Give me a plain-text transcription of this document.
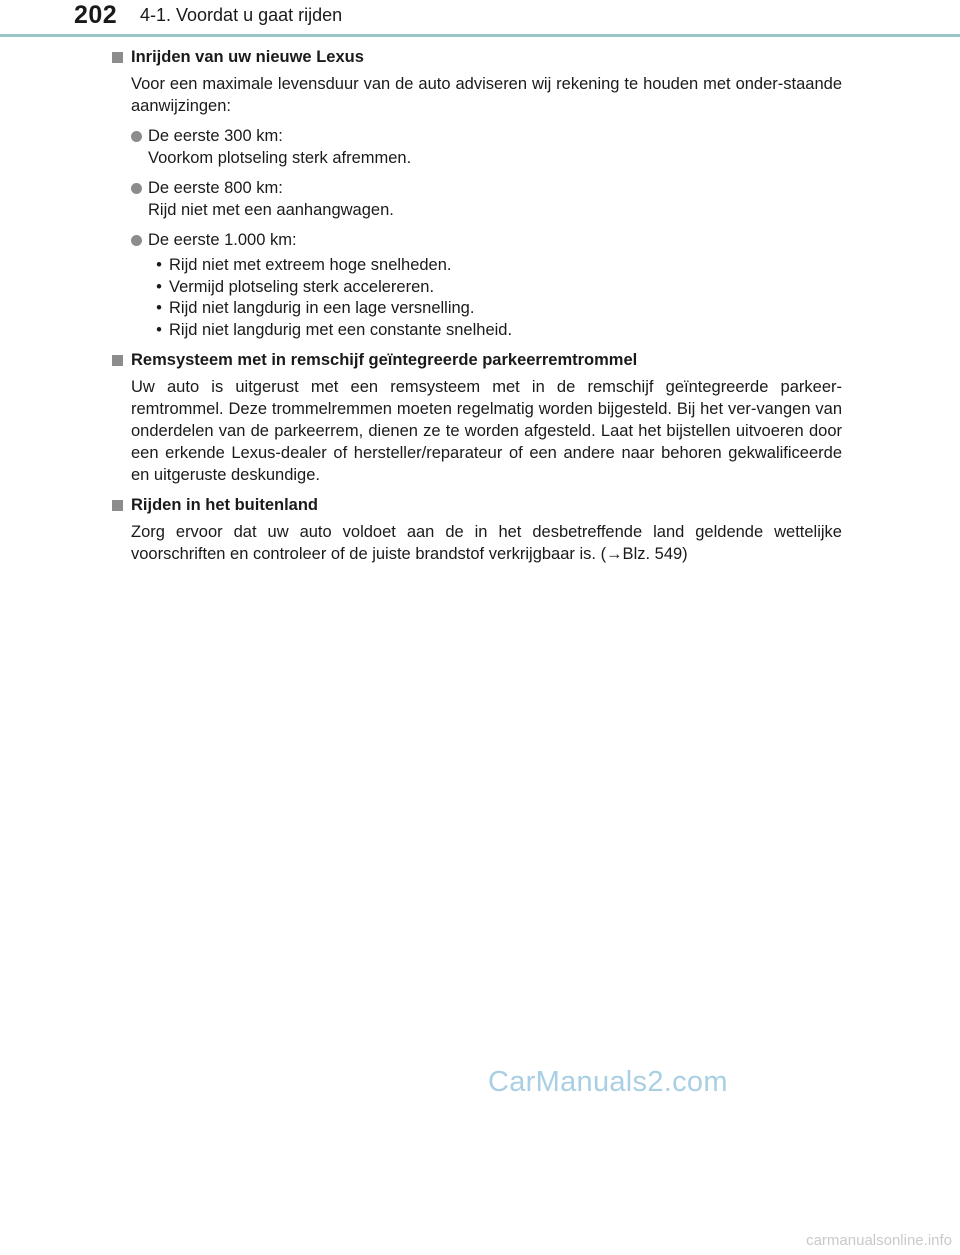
202 4-1. Voordat u gaat rijden
Inrijden van uw nieuwe Lexus

Voor een maximale levensduur van de auto adviseren wij rekening te houden met onder-staande aanwijzingen:

De eerste 300 km:
Voorkom plotseling sterk afremmen.
De eerste 800 km:
Rijd niet met een aanhangwagen.
De eerste 1.000 km:
• Rijd niet met extreem hoge snelheden.
• Vermijd plotseling sterk accelereren.
• Rijd niet langdurig in een lage versnelling.
• Rijd niet langdurig met een constante snelheid.
Remsysteem met in remschijf geïntegreerde parkeerremtrommel

Uw auto is uitgerust met een remsysteem met in de remschijf geïntegreerde parkeer-remtrommel. Deze trommelremmen moeten regelmatig worden bijgesteld. Bij het ver-vangen van onderdelen van de parkeerrem, dienen ze te worden afgesteld. Laat het bijstellen uitvoeren door een erkende Lexus-dealer of hersteller/reparateur of een andere naar behoren gekwalificeerde en uitgeruste deskundige.

Rijden in het buitenland

Zorg ervoor dat uw auto voldoet aan de in het desbetreffende land geldende wettelijke voorschriften en controleer of de juiste brandstof verkrijgbaar is. (→Blz. 549)

CarManuals2.com
carmanualsonline.info
